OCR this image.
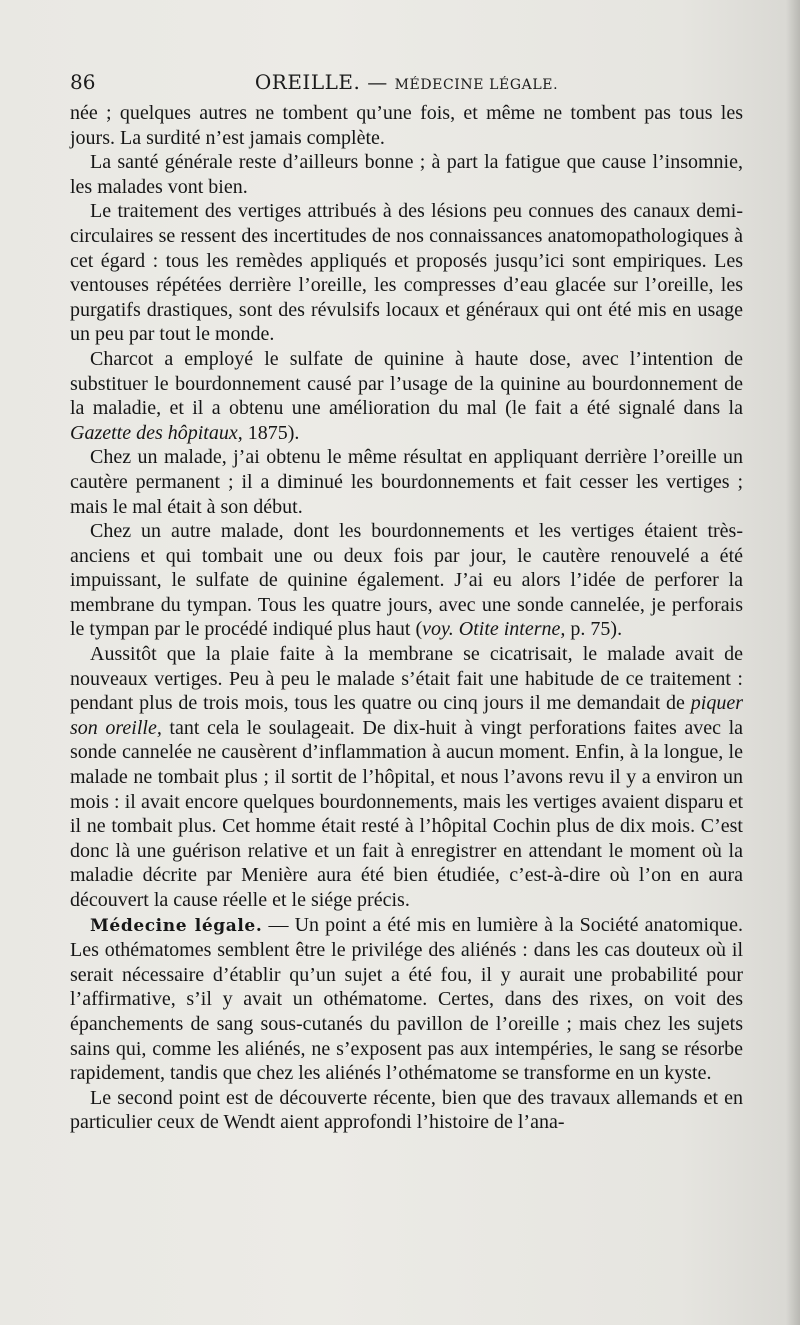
86	OREILLE. — MÉDECINE LÉGALE.

née ; quelques autres ne tombent qu’une fois, et même ne tombent pas tous les jours. La surdité n’est jamais complète.

La santé générale reste d’ailleurs bonne ; à part la fatigue que cause l’insomnie, les malades vont bien.

Le traitement des vertiges attribués à des lésions peu connues des canaux demi-circulaires se ressent des incertitudes de nos connaissances anatomopathologiques à cet égard : tous les remèdes appliqués et proposés jusqu’ici sont empiriques. Les ventouses répétées derrière l’oreille, les compresses d’eau glacée sur l’oreille, les purgatifs drastiques, sont des révulsifs locaux et généraux qui ont été mis en usage un peu par tout le monde.

Charcot a employé le sulfate de quinine à haute dose, avec l’intention de substituer le bourdonnement causé par l’usage de la quinine au bourdonnement de la maladie, et il a obtenu une amélioration du mal (le fait a été signalé dans la Gazette des hôpitaux, 1875).

Chez un malade, j’ai obtenu le même résultat en appliquant derrière l’oreille un cautère permanent ; il a diminué les bourdonnements et fait cesser les vertiges ; mais le mal était à son début.

Chez un autre malade, dont les bourdonnements et les vertiges étaient très-anciens et qui tombait une ou deux fois par jour, le cautère renouvelé a été impuissant, le sulfate de quinine également. J’ai eu alors l’idée de perforer la membrane du tympan. Tous les quatre jours, avec une sonde cannelée, je perforais le tympan par le procédé indiqué plus haut (voy. Otite interne, p. 75).

Aussitôt que la plaie faite à la membrane se cicatrisait, le malade avait de nouveaux vertiges. Peu à peu le malade s’était fait une habitude de ce traitement : pendant plus de trois mois, tous les quatre ou cinq jours il me demandait de piquer son oreille, tant cela le soulageait. De dix-huit à vingt perforations faites avec la sonde cannelée ne causèrent d’inflammation à aucun moment. Enfin, à la longue, le malade ne tombait plus ; il sortit de l’hôpital, et nous l’avons revu il y a environ un mois : il avait encore quelques bourdonnements, mais les vertiges avaient disparu et il ne tombait plus. Cet homme était resté à l’hôpital Cochin plus de dix mois. C’est donc là une guérison relative et un fait à enregistrer en attendant le moment où la maladie décrite par Menière aura été bien étudiée, c’est-à-dire où l’on en aura découvert la cause réelle et le siége précis.

Médecine légale. — Un point a été mis en lumière à la Société anatomique. Les othématomes semblent être le privilége des aliénés : dans les cas douteux où il serait nécessaire d’établir qu’un sujet a été fou, il y aurait une probabilité pour l’affirmative, s’il y avait un othématome. Certes, dans des rixes, on voit des épanchements de sang sous-cutanés du pavillon de l’oreille ; mais chez les sujets sains qui, comme les aliénés, ne s’exposent pas aux intempéries, le sang se résorbe rapidement, tandis que chez les aliénés l’othématome se transforme en un kyste.

Le second point est de découverte récente, bien que des travaux allemands et en particulier ceux de Wendt aient approfondi l’histoire de l’ana-
